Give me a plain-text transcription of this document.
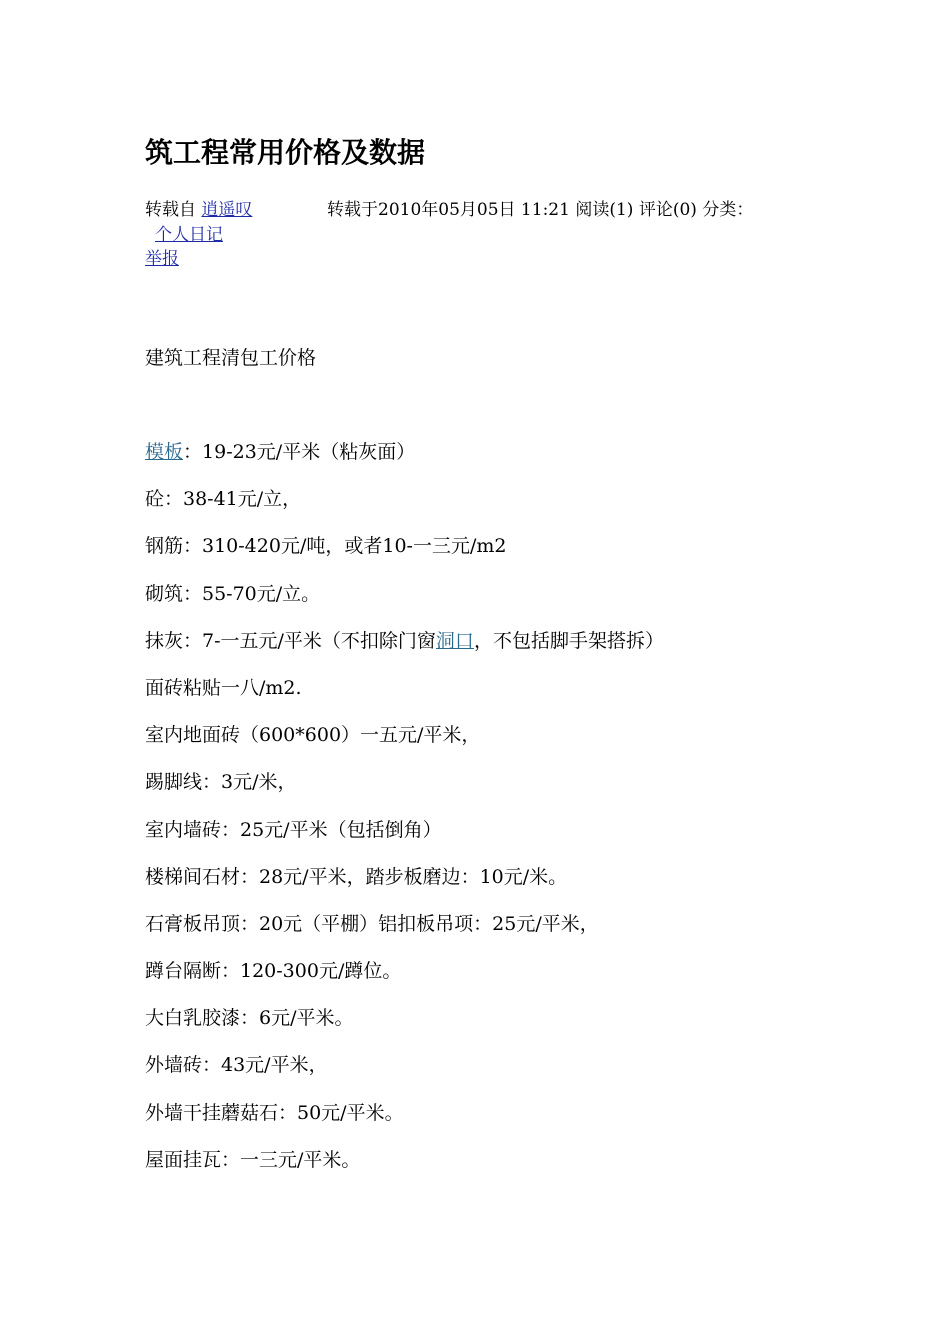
筑工程常用价格及数据
转载自 逍遥叹	转载于2010年05月05日 11:21 阅读(1) 评论(0) 分类：
个人日记
举报
建筑工程清包工价格
模板：19-23元/平米（粘灰面）
砼：38-41元/立，
钢筋：310-420元/吨，或者10-一三元/m2
砌筑：55-70元/立。
抹灰：7-一五元/平米（不扣除门窗洞口，不包括脚手架搭拆）
面砖粘贴一八/m2.
室内地面砖（600*600）一五元/平米，
踢脚线：3元/米，
室内墙砖：25元/平米（包括倒角）
楼梯间石材：28元/平米，踏步板磨边：10元/米。
石膏板吊顶：20元（平棚）铝扣板吊项：25元/平米，
蹲台隔断：120-300元/蹲位。
大白乳胶漆：6元/平米。
外墙砖：43元/平米，
外墙干挂蘑菇石：50元/平米。
屋面挂瓦：一三元/平米。
